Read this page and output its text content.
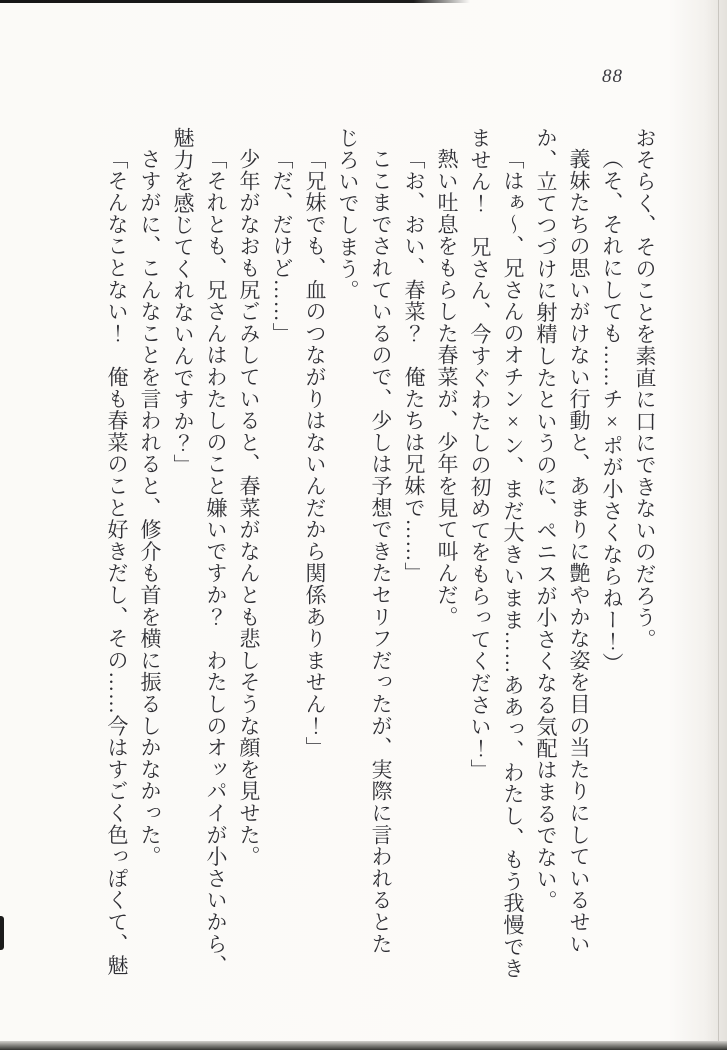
88

おそらく、そのことを素直に口にできないのだろう。

（そ、それにしても……チ×ポが小さくならねー！）

義妹たちの思いがけない行動と、あまりに艶やかな姿を目の当たりにしているせい

か、立てつづけに射精したというのに、ペニスが小さくなる気配はまるでない。

「はぁ～、兄さんのオチン×ン、まだ大きいまま……ああっ、わたし、もう我慢でき

ません！　兄さん、今すぐわたしの初めてをもらってください！」

熱い吐息をもらした春菜が、少年を見て叫んだ。

「お、おい、春菜？　俺たちは兄妹で……」

ここまでされているので、少しは予想できたセリフだったが、実際に言われるとた

じろいでしまう。

「兄妹でも、血のつながりはないんだから関係ありません！」

「だ、だけど……」

少年がなおも尻ごみしていると、春菜がなんとも悲しそうな顔を見せた。

「それとも、兄さんはわたしのこと嫌いですか？　わたしのオッパイが小さいから、

魅力を感じてくれないんですか？」

さすがに、こんなことを言われると、修介も首を横に振るしかなかった。

「そんなことない！　俺も春菜のこと好きだし、その……今はすごく色っぽくて、魅
